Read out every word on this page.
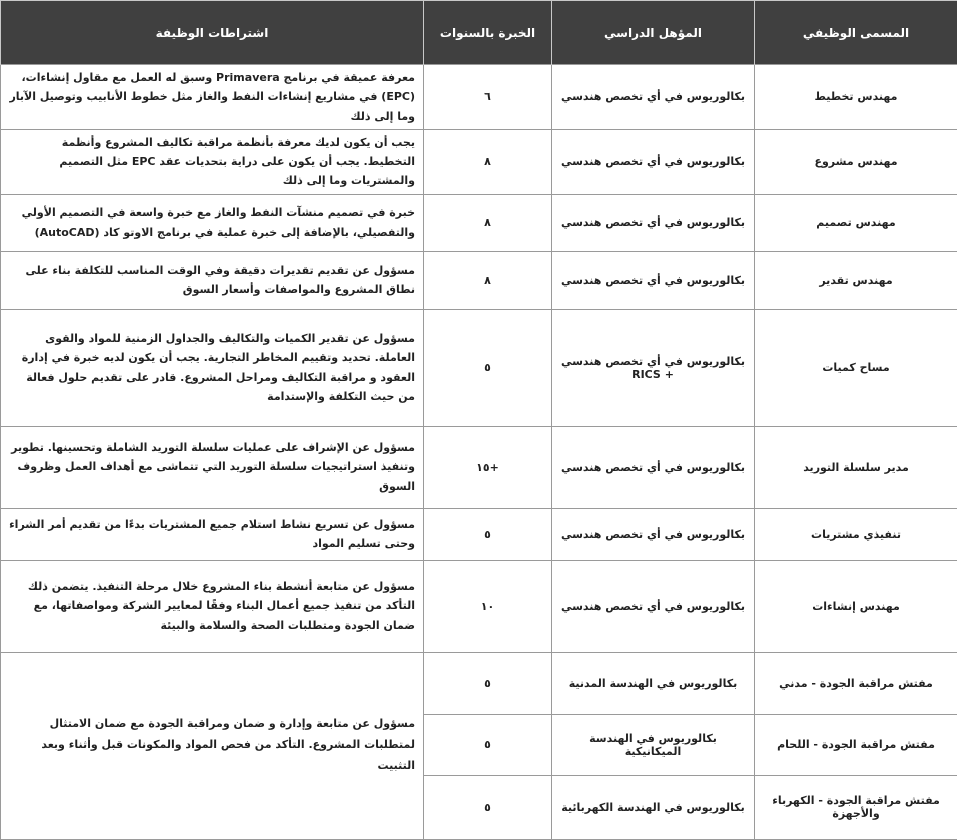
المسمى الوظيفي	المؤهل الدراسي	الخبرة بالسنوات	اشتراطات الوظيفة
مهندس تخطيط	بكالوريوس في أي تخصص هندسي	٦	معرفة عميقة في برنامج Primavera وسبق له العمل مع مقاول إنشاءات، (EPC) في مشاريع إنشاءات النفط والغاز مثل خطوط الأنابيب وتوصيل الآبار وما إلى ذلك
مهندس مشروع	بكالوريوس في أي تخصص هندسي	٨	يجب أن يكون لديك معرفة بأنظمة مراقبة تكاليف المشروع وأنظمة التخطيط. يجب أن يكون على دراية بتحديات عقد EPC مثل التصميم والمشتريات وما إلى ذلك
مهندس تصميم	بكالوريوس في أي تخصص هندسي	٨	خبرة في تصميم منشآت النفط والغاز مع خبرة واسعة في التصميم الأولي والتفصيلي، بالإضافة إلى خبرة عملية في برنامج الاوتو كاد (AutoCAD)
مهندس تقدير	بكالوريوس في أي تخصص هندسي	٨	مسؤول عن تقديم تقديرات دقيقة وفي الوقت المناسب للتكلفة بناء على نطاق المشروع والمواصفات وأسعار السوق
مساح كميات	بكالوريوس في أي تخصص هندسي + RICS	٥	مسؤول عن تقدير الكميات والتكاليف والجداول الزمنية للمواد والقوى العاملة. تحديد وتقييم المخاطر التجارية. يجب أن يكون لديه خبرة في إدارة العقود و مراقبة التكاليف ومراحل المشروع. قادر على تقديم حلول فعالة من حيث التكلفة والإستدامة
مدير سلسلة التوريد	بكالوريوس في أي تخصص هندسي	+١٥	مسؤول عن الإشراف على عمليات سلسلة التوريد الشاملة وتحسينها. تطوير وتنفيذ استراتيجيات سلسلة التوريد التي تتماشى مع أهداف العمل وظروف السوق
تنفيذي مشتريات	بكالوريوس في أي تخصص هندسي	٥	مسؤول عن تسريع نشاط استلام جميع المشتريات بدءًا من تقديم أمر الشراء وحتى تسليم المواد
مهندس إنشاءات	بكالوريوس في أي تخصص هندسي	١٠	مسؤول عن متابعة أنشطة بناء المشروع خلال مرحلة التنفيذ. يتضمن ذلك التأكد من تنفيذ جميع أعمال البناء وفقًا لمعايير الشركة ومواصفاتها، مع ضمان الجودة ومتطلبات الصحة والسلامة والبيئة
مفتش مراقبة الجودة - مدني	بكالوريوس في الهندسة المدنية	٥	مسؤول عن متابعة وإدارة و ضمان ومراقبة الجودة مع ضمان الامتثال لمتطلبات المشروع. التأكد من فحص المواد والمكونات قبل وأثناء وبعد التثبيت
مفتش مراقبة الجودة - اللحام	بكالوريوس في الهندسة الميكانيكية	٥	
مفتش مراقبة الجودة - الكهرباء والأجهزة	بكالوريوس في الهندسة الكهربائية	٥	
